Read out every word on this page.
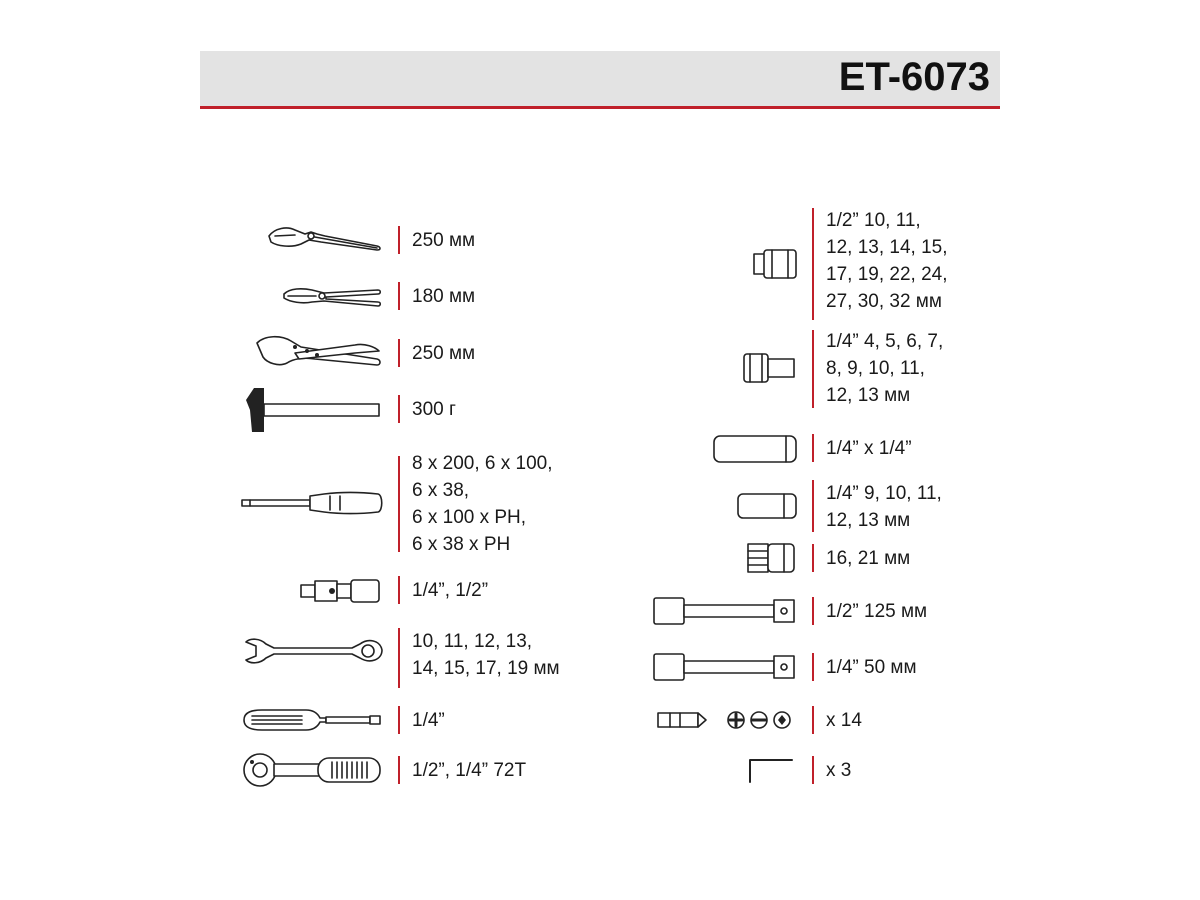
ET-6073
250 мм
180 мм
250 мм
300 г
8 x 200, 6 x 100,
6 x 38,
6 x 100 x PH,
6 x 38 x PH
1/4”, 1/2”
10, 11, 12, 13,
14, 15, 17, 19 мм
1/4”
1/2”, 1/4” 72T
1/2” 10, 11,
12, 13, 14, 15,
17, 19, 22, 24,
27, 30, 32 мм
1/4” 4, 5, 6, 7,
8, 9, 10, 11,
12, 13 мм
1/4” x 1/4”
1/4” 9, 10, 11,
12, 13 мм
16, 21 мм
1/2” 125 мм
1/4” 50 мм
x 14
x 3
